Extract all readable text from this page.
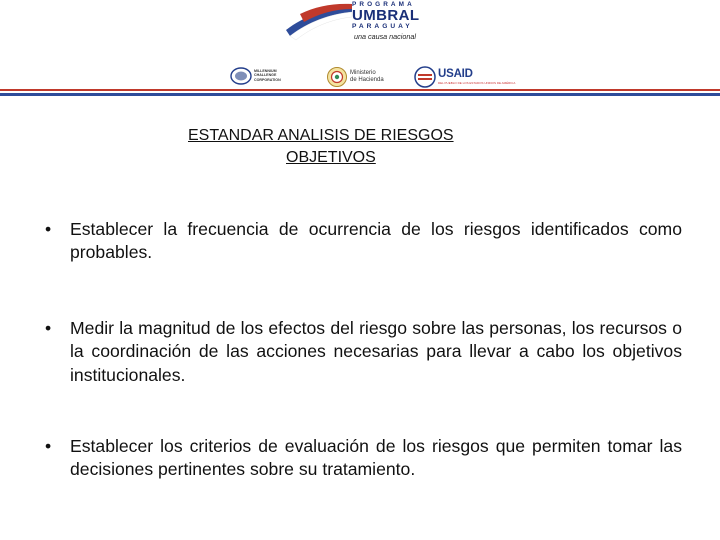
PROGRAMA
UMBRAL
PARAGUAY
una causa nacional
MILLENNIUM
CHALLENGE
CORPORATION
Ministerio
de Hacienda	USAID
DEL PUEBLO DE LOS ESTADOS UNIDOS DE AMÉRICA
ESTANDAR ANALISIS DE RIESGOS
OBJETIVOS
•	Establecer la frecuencia de ocurrencia de los riesgos identificados como probables.
•	Medir la magnitud de los efectos del riesgo sobre las personas, los recursos o la coordinación de las acciones necesarias para llevar a cabo los objetivos institucionales.
•	Establecer los criterios de evaluación de los riesgos que permiten tomar las decisiones pertinentes sobre su tratamiento.
